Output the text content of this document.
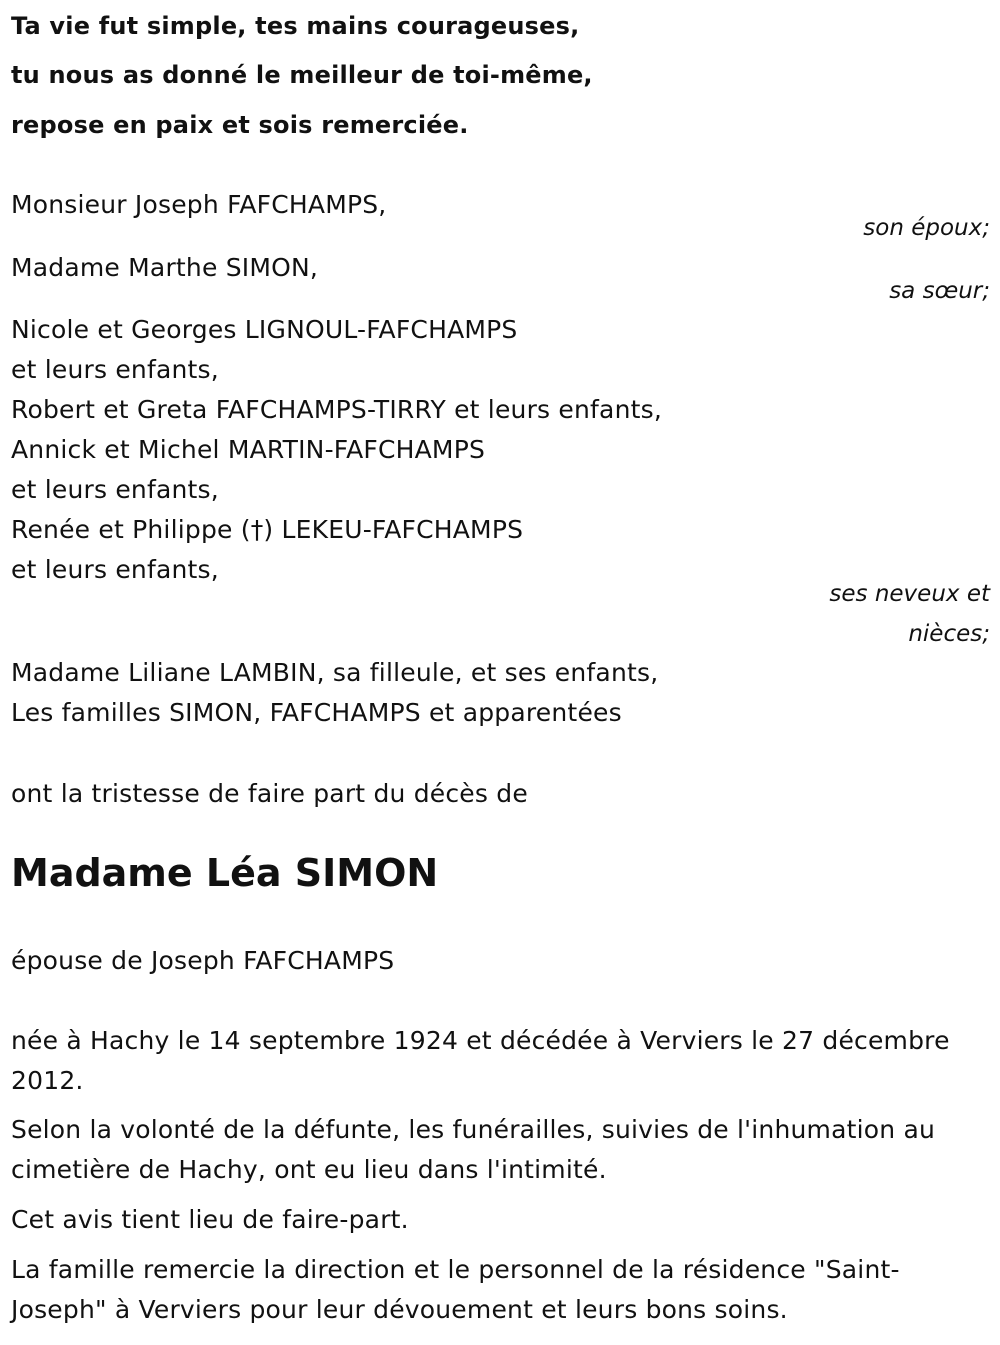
Ta vie fut simple, tes mains courageuses,
tu nous as donné le meilleur de toi-même,
repose en paix et sois remerciée.
Monsieur Joseph FAFCHAMPS,
son époux;
Madame Marthe SIMON,
sa sœur;
Nicole et Georges LIGNOUL-FAFCHAMPS
et leurs enfants,
Robert et Greta FAFCHAMPS-TIRRY et leurs enfants,
Annick et Michel MARTIN-FAFCHAMPS
et leurs enfants,
Renée et Philippe (†) LEKEU-FAFCHAMPS
et leurs enfants,
ses neveux et
nièces;
Madame Liliane LAMBIN, sa filleule, et ses enfants,
Les familles SIMON, FAFCHAMPS et apparentées
ont la tristesse de faire part du décès de
Madame Léa SIMON
épouse de Joseph FAFCHAMPS
née à Hachy le 14 septembre 1924 et décédée à Verviers le 27 décembre
2012.
Selon la volonté de la défunte, les funérailles, suivies de l'inhumation au
cimetière de Hachy, ont eu lieu dans l'intimité.
Cet avis tient lieu de faire-part.
La famille remercie la direction et le personnel de la résidence "Saint-
Joseph" à Verviers pour leur dévouement et leurs bons soins.
